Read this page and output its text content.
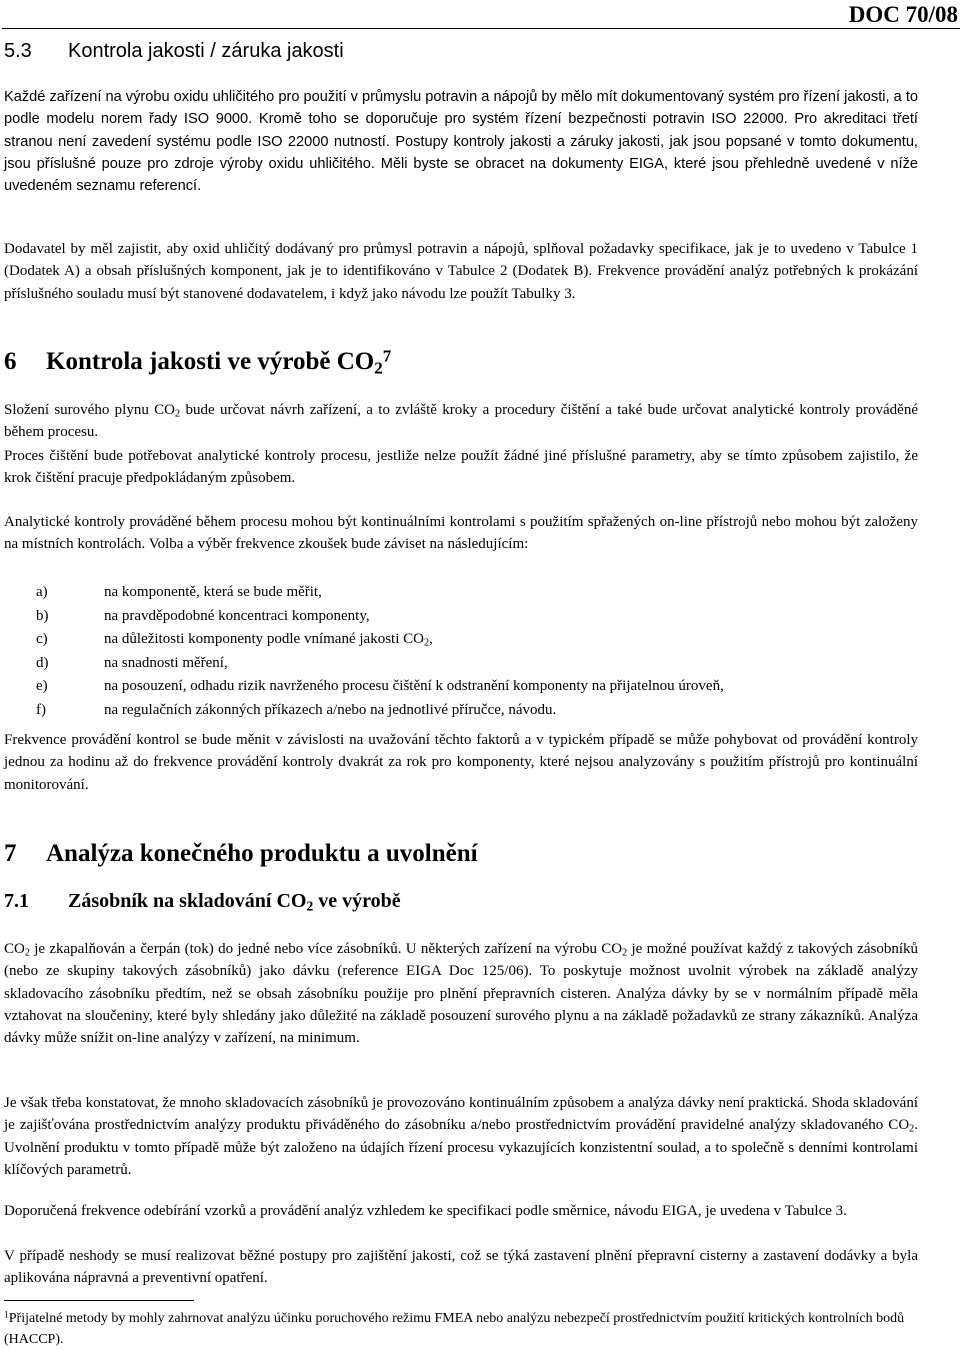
DOC 70/08
5.3 Kontrola jakosti / záruka jakosti
Každé zařízení na výrobu oxidu uhličitého pro použití v průmyslu potravin a nápojů by mělo mít dokumentovaný systém pro řízení jakosti, a to podle modelu norem řady ISO 9000. Kromě toho se doporučuje pro systém řízení bezpečnosti potravin ISO 22000. Pro akreditaci třetí stranou není zavedení systému podle ISO 22000 nutností. Postupy kontroly jakosti a záruky jakosti, jak jsou popsané v tomto dokumentu, jsou příslušné pouze pro zdroje výroby oxidu uhličitého. Měli byste se obracet na dokumenty EIGA, které jsou přehledně uvedené v níže uvedeném seznamu referencí.
Dodavatel by měl zajistit, aby oxid uhličitý dodávaný pro průmysl potravin a nápojů, splňoval požadavky specifikace, jak je to uvedeno v Tabulce 1 (Dodatek A) a obsah příslušných komponent, jak je to identifikováno v Tabulce 2 (Dodatek B). Frekvence provádění analýz potřebných k prokázání příslušného souladu musí být stanovené dodavatelem, i když jako návodu lze použít Tabulky 3.
6 Kontrola jakosti ve výrobě $CO_2^7$
Složení surového plynu $CO_2$ bude určovat návrh zařízení, a to zvláště kroky a procedury čištění a také bude určovat analytické kontroly prováděné během procesu.
Proces čištění bude potřebovat analytické kontroly procesu, jestliže nelze použít žádné jiné příslušné parametry, aby se tímto způsobem zajistilo, že krok čištění pracuje předpokládaným způsobem.
Analytické kontroly prováděné během procesu mohou být kontinuálními kontrolami s použitím spřažených on-line přístrojů nebo mohou být založeny na místních kontrolách. Volba a výběr frekvence zkoušek bude záviset na následujícím:
a)	na komponentě, která se bude měřit,
b)	na pravděpodobné koncentraci komponenty,
c)	na důležitosti komponenty podle vnímané jakosti $CO_2$,
d)	na snadnosti měření,
e)	na posouzení, odhadu rizik navrženého procesu čištění k odstranění komponenty na přijatelnou úroveň,
f)	na regulačních zákonných příkazech a/nebo na jednotlivé příručce, návodu.
Frekvence provádění kontrol se bude měnit v závislosti na uvažování těchto faktorů a v typickém případě se může pohybovat od provádění kontroly jednou za hodinu až do frekvence provádění kontroly dvakrát za rok pro komponenty, které nejsou analyzovány s použitím přístrojů pro kontinuální monitorování.
7 Analýza konečného produktu a uvolnění
7.1 Zásobník na skladování $CO_2$ ve výrobě
$CO_2$ je zkapalňován a čerpán (tok) do jedné nebo více zásobníků. U některých zařízení na výrobu $CO_2$ je možné používat každý z takových zásobníků (nebo ze skupiny takových zásobníků) jako dávku (reference EIGA Doc 125/06). To poskytuje možnost uvolnit výrobek na základě analýzy skladovacího zásobníku předtím, než se obsah zásobníku použije pro plnění přepravních cisteren. Analýza dávky by se v normálním případě měla vztahovat na sloučeniny, které byly shledány jako důležité na základě posouzení surového plynu a na základě požadavků ze strany zákazníků. Analýza dávky může snížit on-line analýzy v zařízení, na minimum.
Je však třeba konstatovat, že mnoho skladovacích zásobníků je provozováno kontinuálním způsobem a analýza dávky není praktická. Shoda skladování je zajišťována prostřednictvím analýzy produktu přiváděného do zásobníku a/nebo prostřednictvím provádění pravidelné analýzy skladovaného $CO_2$. Uvolnění produktu v tomto případě může být založeno na údajích řízení procesu vykazujících konzistentní soulad, a to společně s denními kontrolami klíčových parametrů.
Doporučená frekvence odebírání vzorků a provádění analýz vzhledem ke specifikaci podle směrnice, návodu EIGA, je uvedena v Tabulce 3.
V případě neshody se musí realizovat běžné postupy pro zajištění jakosti, což se týká zastavení plnění přepravní cisterny a zastavení dodávky a byla aplikována nápravná a preventivní opatření.
$^1$Přijatelné metody by mohly zahrnovat analýzu účinku poruchového režimu FMEA nebo analýzu nebezpečí prostřednictvím použití kritických kontrolních bodů (HACCP).
